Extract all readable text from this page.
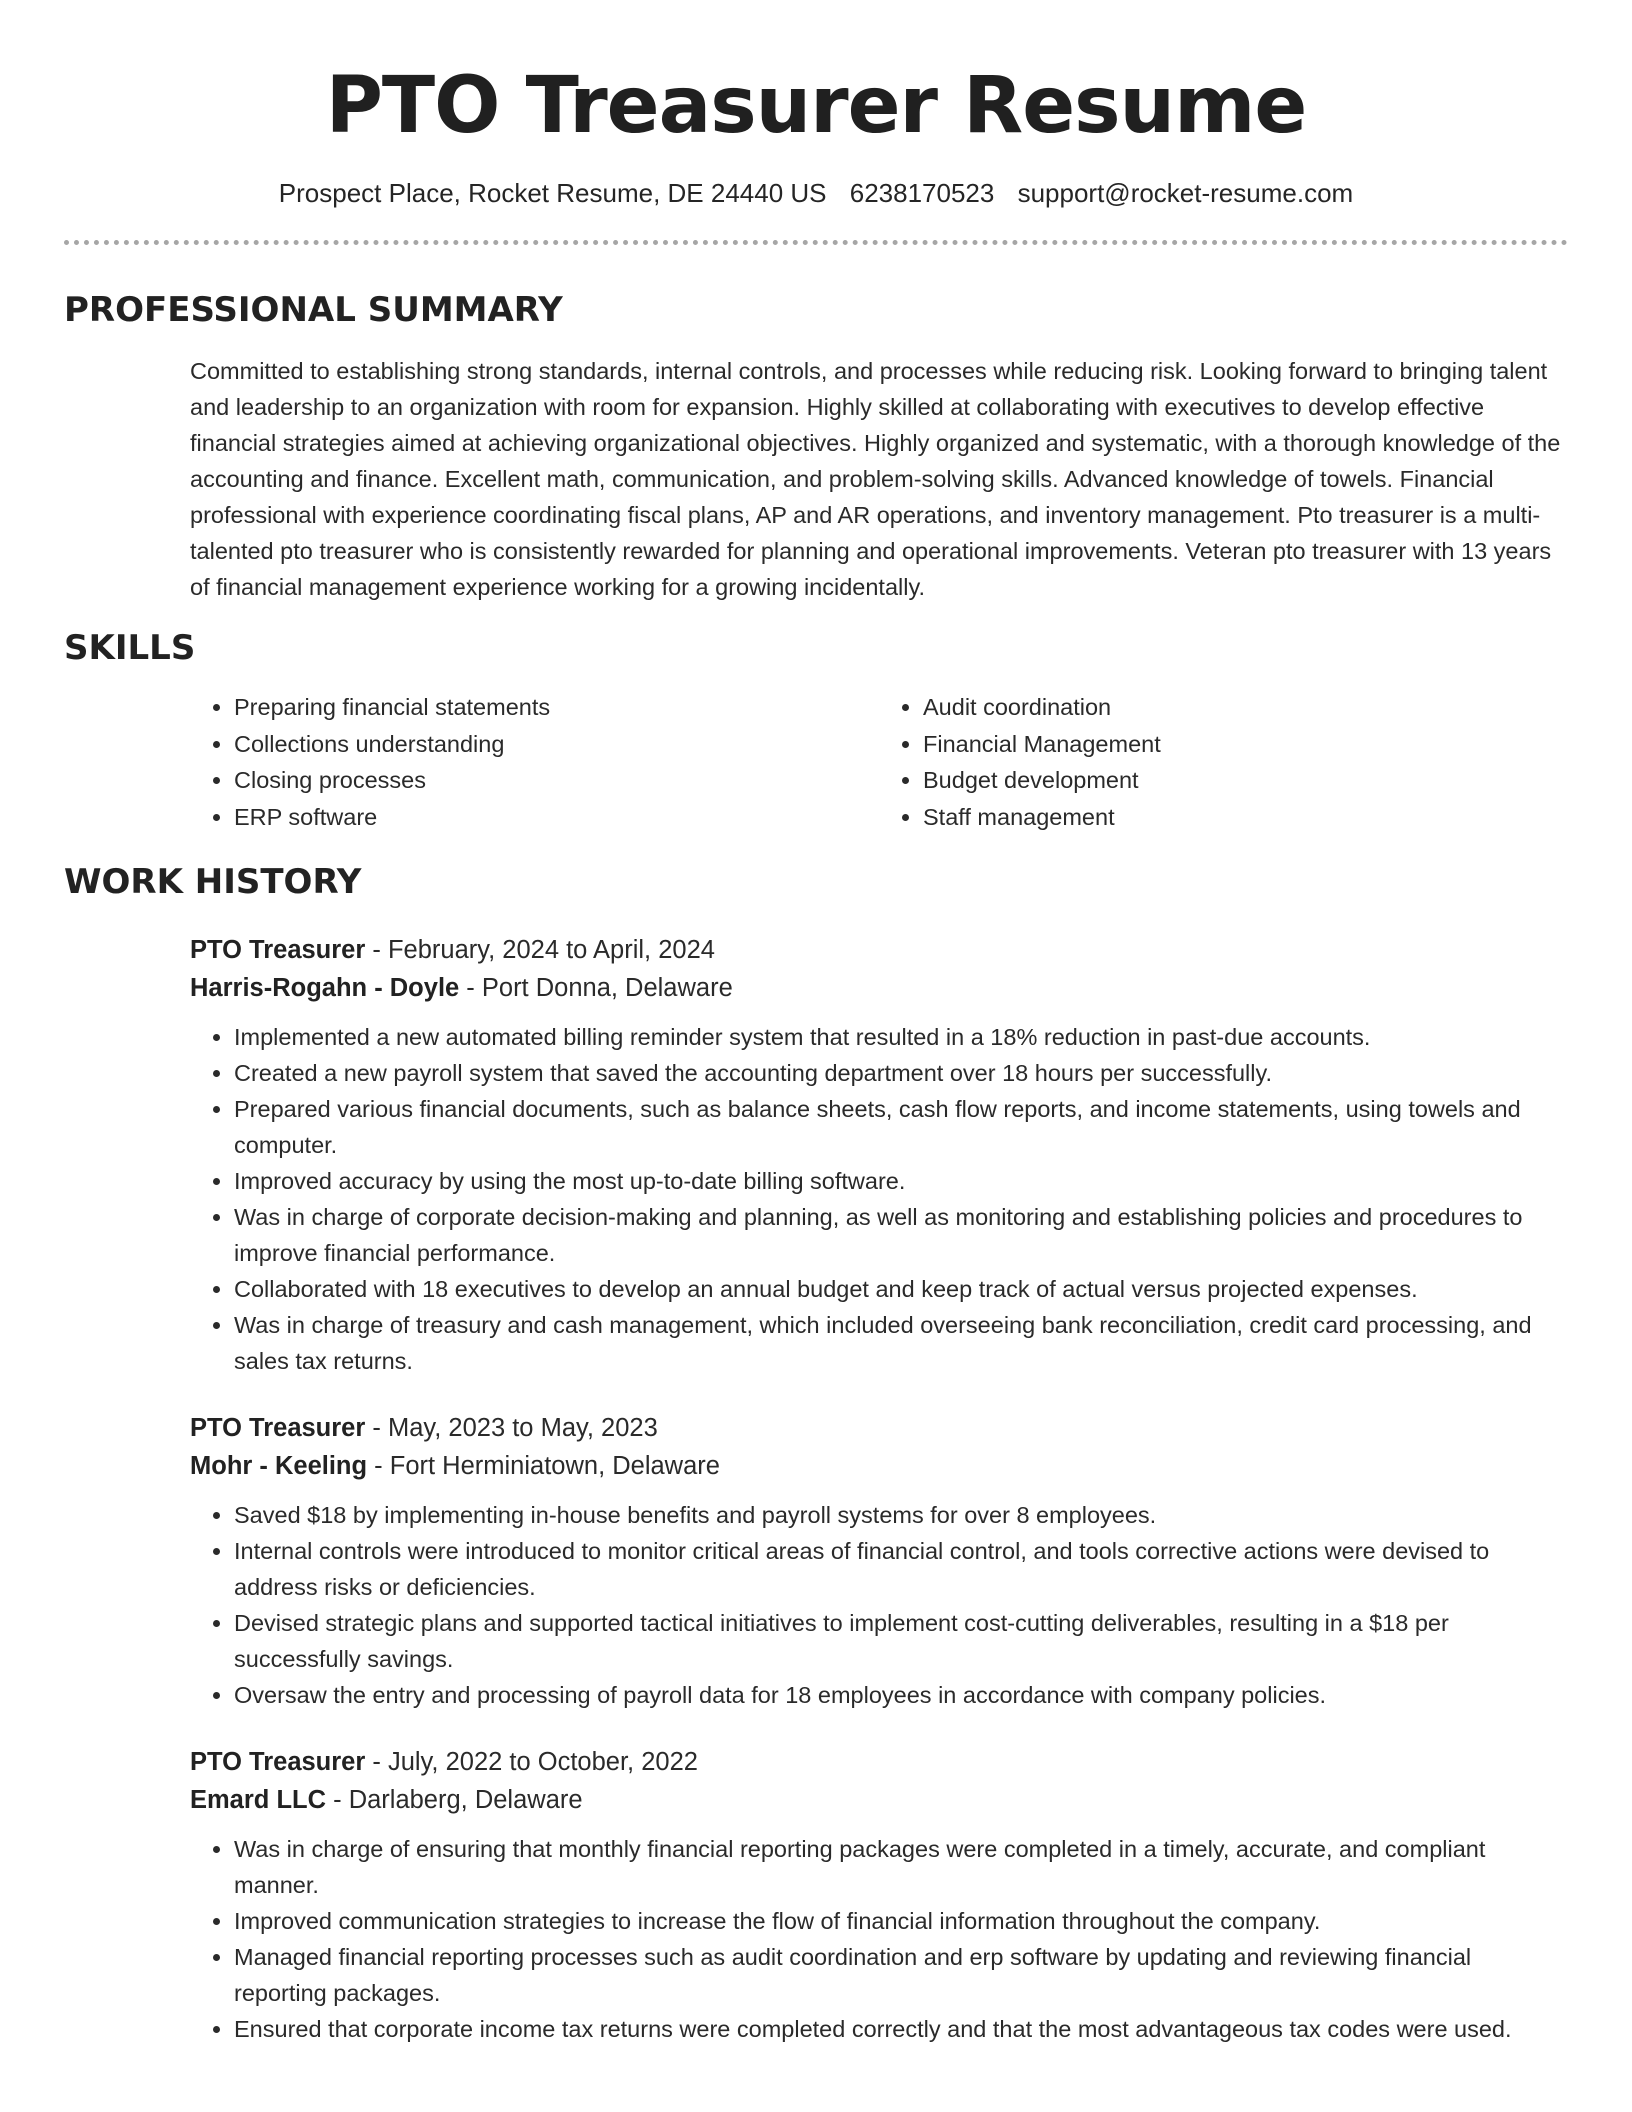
PTO Treasurer Resume
Prospect Place, Rocket Resume, DE 24440 US 6238170523 support@rocket-resume.com
PROFESSIONAL SUMMARY
Committed to establishing strong standards, internal controls, and processes while reducing risk. Looking forward to bringing talent and leadership to an organization with room for expansion. Highly skilled at collaborating with executives to develop effective financial strategies aimed at achieving organizational objectives. Highly organized and systematic, with a thorough knowledge of the accounting and finance. Excellent math, communication, and problem-solving skills. Advanced knowledge of towels. Financial professional with experience coordinating fiscal plans, AP and AR operations, and inventory management. Pto treasurer is a multi-talented pto treasurer who is consistently rewarded for planning and operational improvements. Veteran pto treasurer with 13 years of financial management experience working for a growing incidentally.
SKILLS
• Preparing financial statements
• Collections understanding
• Closing processes
• ERP software
• Audit coordination
• Financial Management
• Budget development
• Staff management
WORK HISTORY
PTO Treasurer - February, 2024 to April, 2024
Harris-Rogahn - Doyle - Port Donna, Delaware
• Implemented a new automated billing reminder system that resulted in a 18% reduction in past-due accounts.
• Created a new payroll system that saved the accounting department over 18 hours per successfully.
• Prepared various financial documents, such as balance sheets, cash flow reports, and income statements, using towels and computer.
• Improved accuracy by using the most up-to-date billing software.
• Was in charge of corporate decision-making and planning, as well as monitoring and establishing policies and procedures to improve financial performance.
• Collaborated with 18 executives to develop an annual budget and keep track of actual versus projected expenses.
• Was in charge of treasury and cash management, which included overseeing bank reconciliation, credit card processing, and sales tax returns.
PTO Treasurer - May, 2023 to May, 2023
Mohr - Keeling - Fort Herminiatown, Delaware
• Saved $18 by implementing in-house benefits and payroll systems for over 8 employees.
• Internal controls were introduced to monitor critical areas of financial control, and tools corrective actions were devised to address risks or deficiencies.
• Devised strategic plans and supported tactical initiatives to implement cost-cutting deliverables, resulting in a $18 per successfully savings.
• Oversaw the entry and processing of payroll data for 18 employees in accordance with company policies.
PTO Treasurer - July, 2022 to October, 2022
Emard LLC - Darlaberg, Delaware
• Was in charge of ensuring that monthly financial reporting packages were completed in a timely, accurate, and compliant manner.
• Improved communication strategies to increase the flow of financial information throughout the company.
• Managed financial reporting processes such as audit coordination and erp software by updating and reviewing financial reporting packages.
• Ensured that corporate income tax returns were completed correctly and that the most advantageous tax codes were used.
